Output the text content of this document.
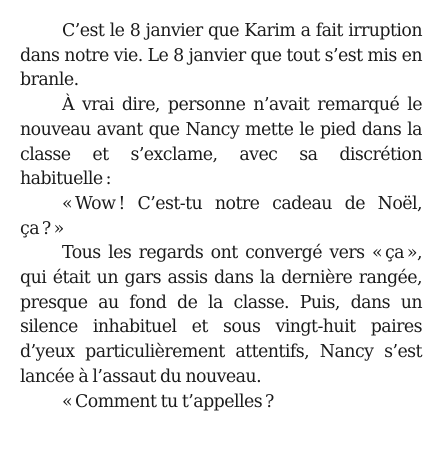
C’est le 8 janvier que Karim a fait irruption dans notre vie. Le 8 janvier que tout s’est mis en branle.

À vrai dire, personne n’avait remarqué le nouveau avant que Nancy mette le pied dans la classe et s’exclame, avec sa discrétion habituelle :

« Wow ! C’est-tu notre cadeau de Noël, ça ? »

Tous les regards ont convergé vers « ça », qui était un gars assis dans la dernière rangée, presque au fond de la classe. Puis, dans un silence inhabituel et sous vingt-huit paires d’yeux particulièrement attentifs, Nancy s’est lancée à l’assaut du nouveau.

« Comment tu t’appelles ?
